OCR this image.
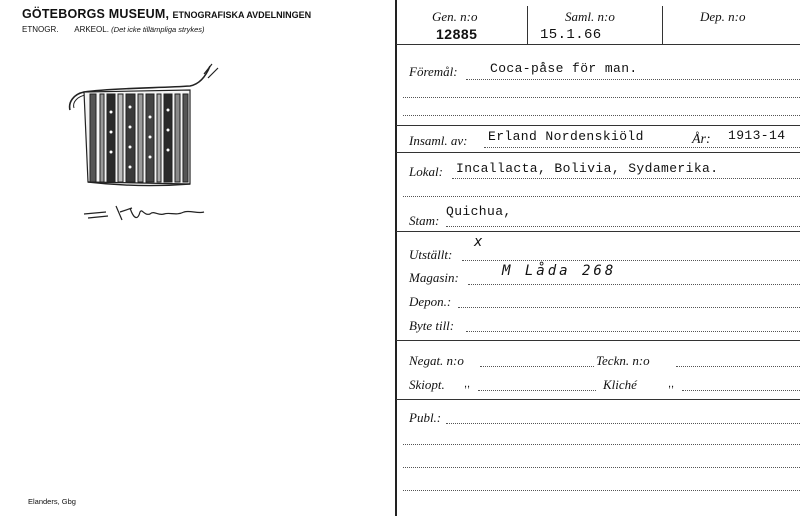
GÖTEBORGS MUSEUM, ETNOGRAFISKA AVDELNINGEN
ETNOGR. ARKEOL. (Det icke tillämpliga strykes)
Elanders, Gbg
Gen. n:o
12885
Saml. n:o
15.1.66
Dep. n:o
Föremål: Coca-påse för man.
Insaml. av: Erland Nordenskiöld	År: 1913-14
Lokal: Incallacta, Bolivia, Sydamerika.
Stam:
Quichua,
Utställt:
x
Magasin:	M Låda 268
Depon.:
Byte till:
Negat. n:o	Teckn. n:o
Skiopt. ,,	Kliché	,,
Publ.:
